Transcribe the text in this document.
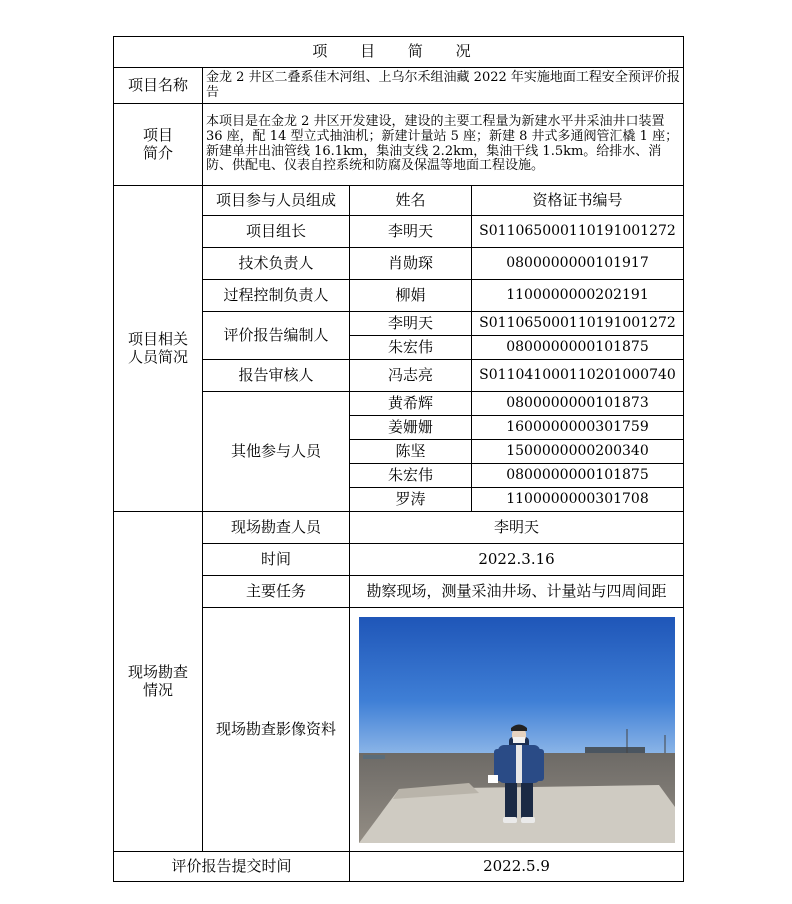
项 目 简 况			
项目名称	金龙 2 井区二叠系佳木河组、上乌尔禾组油藏 2022 年实施地面工程安全预评价报告		

项目
简介	本项目是在金龙 2 井区开发建设，建设的主要工程量为新建水平井采油井口装置 36 座，配 14 型立式抽油机；新建计量站 5 座；新建 8 井式多通阀管汇橇 1 座；新建单井出油管线 16.1km，集油支线 2.2km，集油干线 1.5km。给排水、消防、供配电、仪表自控系统和防腐及保温等地面工程设施。		

项目相关
人员简况	项目参与人员组成	姓名	资格证书编号
	项目组长	李明天	S011065000110191001272
	技术负责人	肖勋琛	0800000000101917
	过程控制负责人	柳娟	1100000000202191
	评价报告编制人	李明天	S011065000110191001272
		朱宏伟	0800000000101875
	报告审核人	冯志亮	S011041000110201000740
	其他参与人员	黄希辉	0800000000101873
		姜姗姗	1600000000301759
		陈坚	1500000000200340
		朱宏伟	0800000000101875
		罗涛	1100000000301708

现场勘查
情况	现场勘查人员	李明天	
	时间	2022.3.16	
	主要任务	勘察现场，测量采油井场、计量站与四周间距	
	现场勘查影像资料	

评价报告提交时间		2022.5.9	
